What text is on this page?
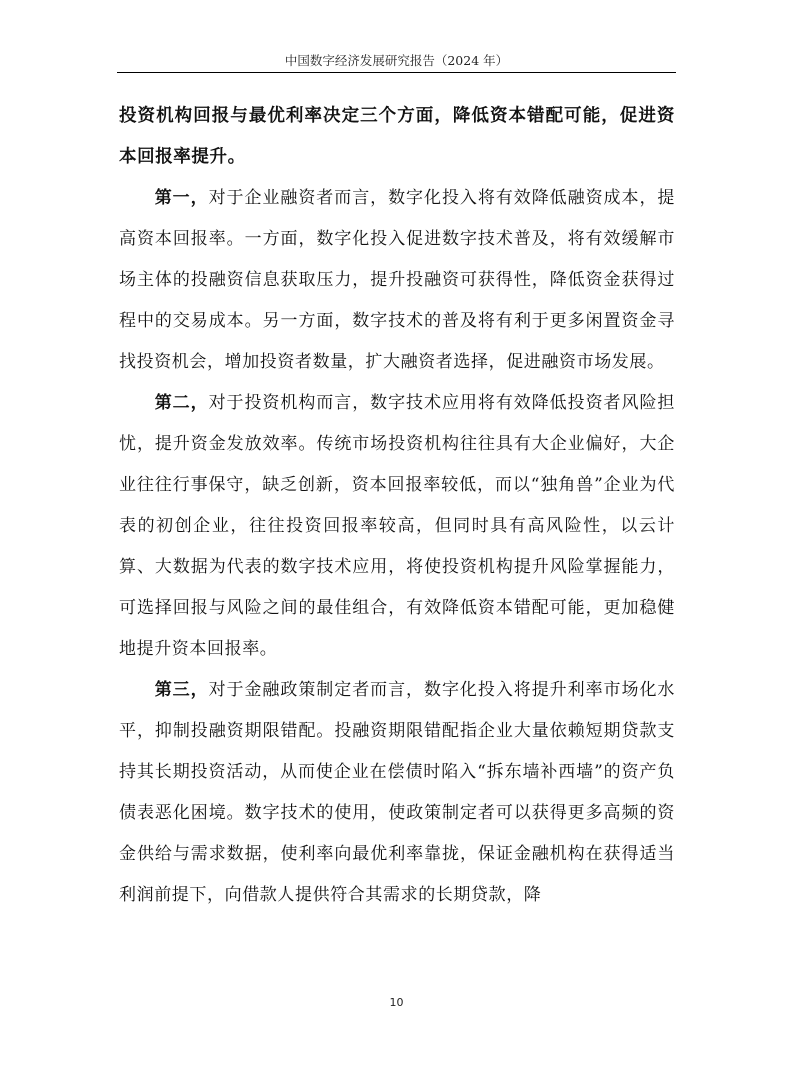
中国数字经济发展研究报告（2024 年）

投资机构回报与最优利率决定三个方面，降低资本错配可能，促进资本回报率提升。

第一，对于企业融资者而言，数字化投入将有效降低融资成本，提高资本回报率。一方面，数字化投入促进数字技术普及，将有效缓解市场主体的投融资信息获取压力，提升投融资可获得性，降低资金获得过程中的交易成本。另一方面，数字技术的普及将有利于更多闲置资金寻找投资机会，增加投资者数量，扩大融资者选择，促进融资市场发展。

第二，对于投资机构而言，数字技术应用将有效降低投资者风险担忧，提升资金发放效率。传统市场投资机构往往具有大企业偏好，大企业往往行事保守，缺乏创新，资本回报率较低，而以“独角兽”企业为代表的初创企业，往往投资回报率较高，但同时具有高风险性，以云计算、大数据为代表的数字技术应用，将使投资机构提升风险掌握能力，可选择回报与风险之间的最佳组合，有效降低资本错配可能，更加稳健地提升资本回报率。

第三，对于金融政策制定者而言，数字化投入将提升利率市场化水平，抑制投融资期限错配。投融资期限错配指企业大量依赖短期贷款支持其长期投资活动，从而使企业在偿债时陷入“拆东墙补西墙”的资产负债表恶化困境。数字技术的使用，使政策制定者可以获得更多高频的资金供给与需求数据，使利率向最优利率靠拢，保证金融机构在获得适当利润前提下，向借款人提供符合其需求的长期贷款，降

10
